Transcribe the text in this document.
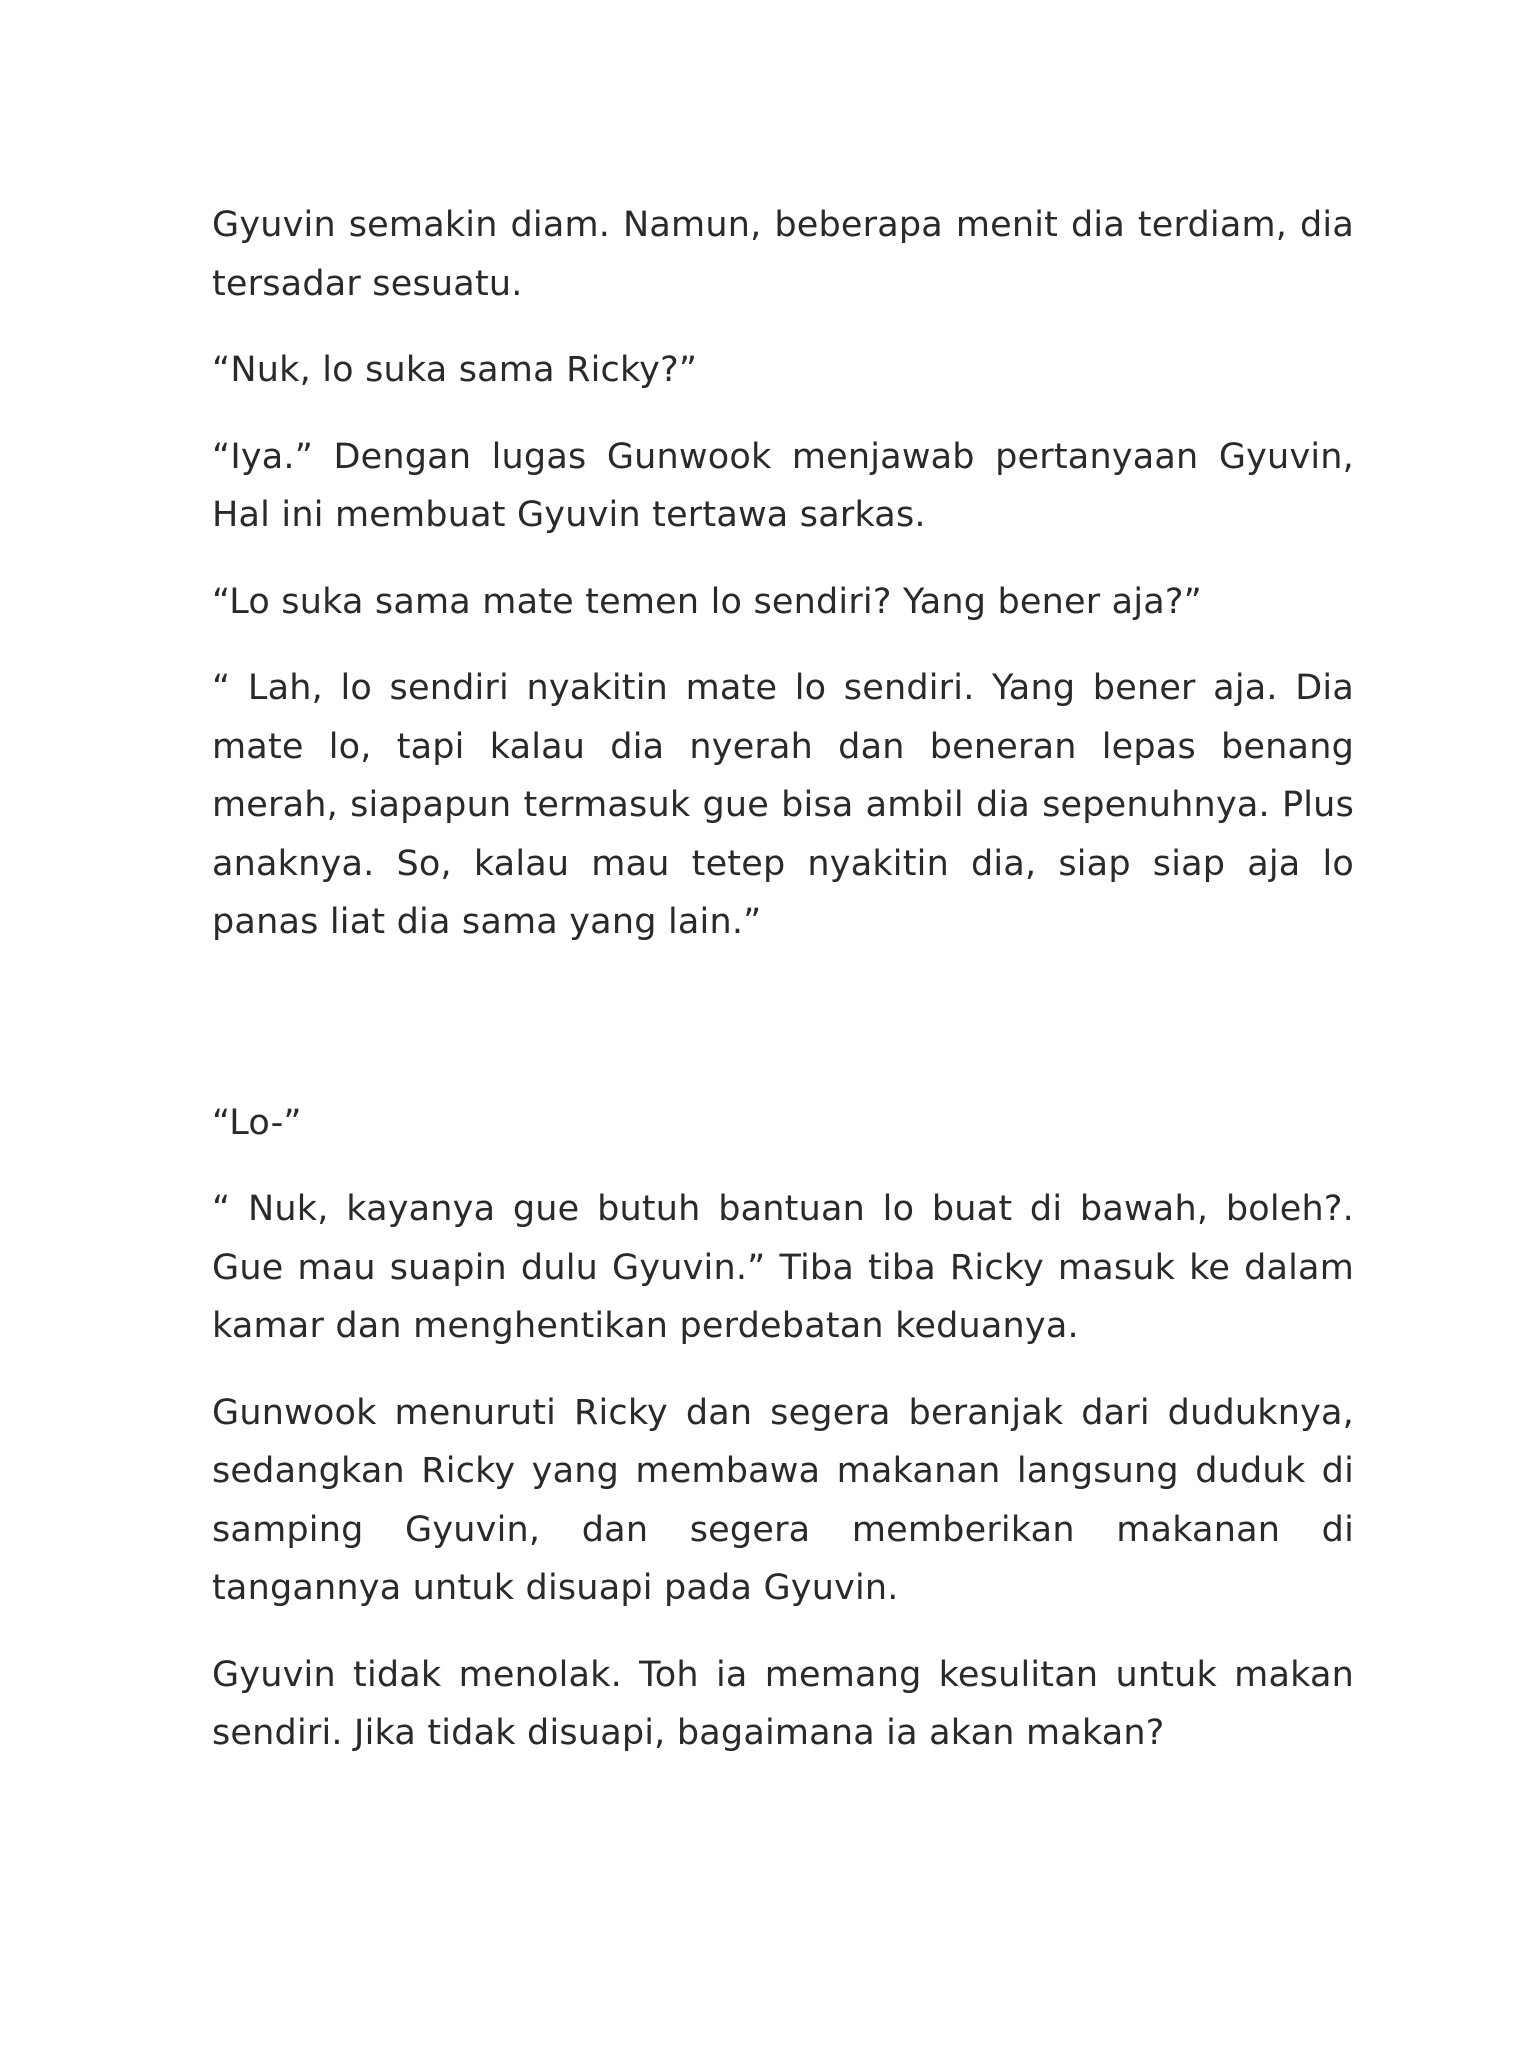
Gyuvin semakin diam. Namun, beberapa menit dia terdiam, dia tersadar sesuatu.

“Nuk, lo suka sama Ricky?”

“Iya.” Dengan lugas Gunwook menjawab pertanyaan Gyuvin, Hal ini membuat Gyuvin tertawa sarkas.

“Lo suka sama mate temen lo sendiri? Yang bener aja?”

“ Lah, lo sendiri nyakitin mate lo sendiri. Yang bener aja. Dia mate lo, tapi kalau dia nyerah dan beneran lepas benang merah, siapapun termasuk gue bisa ambil dia sepenuhnya. Plus anaknya. So, kalau mau tetep nyakitin dia, siap siap aja lo panas liat dia sama yang lain.”

“Lo-”

“ Nuk, kayanya gue butuh bantuan lo buat di bawah, boleh?. Gue mau suapin dulu Gyuvin.” Tiba tiba Ricky masuk ke dalam kamar dan menghentikan perdebatan keduanya.

Gunwook menuruti Ricky dan segera beranjak dari duduknya, sedangkan Ricky yang membawa makanan langsung duduk di samping Gyuvin, dan segera memberikan makanan di tangannya untuk disuapi pada Gyuvin.

Gyuvin tidak menolak. Toh ia memang kesulitan untuk makan sendiri. Jika tidak disuapi, bagaimana ia akan makan?
